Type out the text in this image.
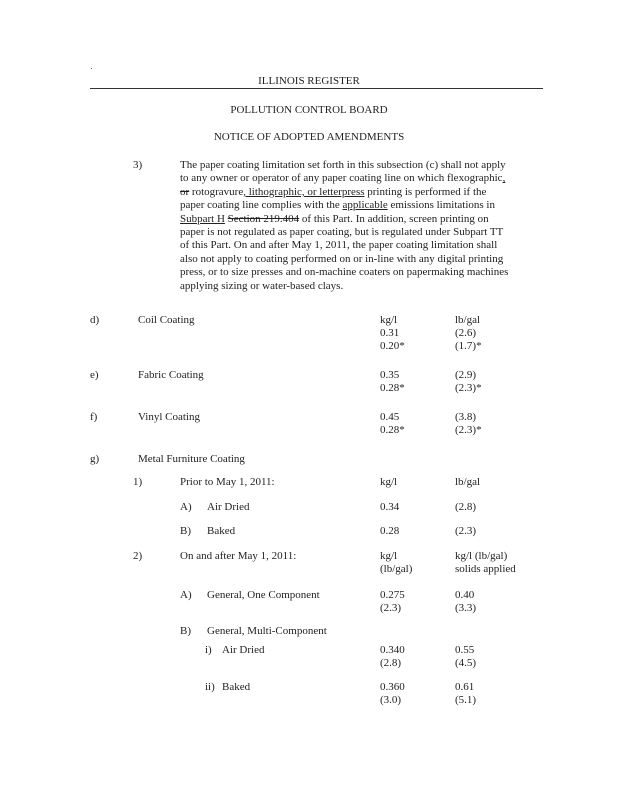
ILLINOIS REGISTER
POLLUTION CONTROL BOARD
NOTICE OF ADOPTED AMENDMENTS
3)	The paper coating limitation set forth in this subsection (c) shall not apply
to any owner or operator of any paper coating line on which flexographic,
or rotogravure, lithographic, or letterpress printing is performed if the
paper coating line complies with the applicable emissions limitations in
Subpart H Section 219.404 of this Part. In addition, screen printing on
paper is not regulated as paper coating, but is regulated under Subpart TT
of this Part. On and after May 1, 2011, the paper coating limitation shall
also not apply to coating performed on or in-line with any digital printing
press, or to size presses and on-machine coaters on papermaking machines
applying sizing or water-based clays.
d)	Coil Coating	kg/l	lb/gal
0.31	(2.6)
0.20*	(1.7)*
e)	Fabric Coating	0.35	(2.9)
0.28*	(2.3)*
f)	Vinyl Coating	0.45	(3.8)
0.28*	(2.3)*
g)	Metal Furniture Coating
1)	Prior to May 1, 2011:	kg/l	lb/gal
A) Air Dried	0.34	(2.8)
B) Baked	0.28	(2.3)
2)	On and after May 1, 2011:	kg/l	kg/l (lb/gal)
(lb/gal)	solids applied
A) General, One Component	0.275	0.40
(2.3)	(3.3)
B) General, Multi-Component
i) Air Dried	0.340	0.55
(2.8)	(4.5)
ii) Baked	0.360	0.61
(3.0)	(5.1)
